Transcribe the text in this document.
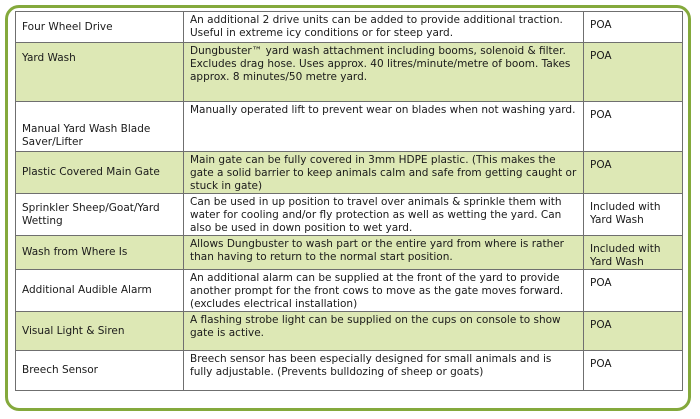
Four Wheel Drive	An additional 2 drive units can be added to provide additional traction. Useful in extreme icy conditions or for steep yard.	POA
Yard Wash	Dungbuster™ yard wash attachment including booms, solenoid & filter. Excludes drag hose. Uses approx. 40 litres/minute/metre of boom. Takes approx. 8 minutes/50 metre yard.	POA
Manual Yard Wash Blade Saver/Lifter	Manually operated lift to prevent wear on blades when not washing yard.	POA
Plastic Covered Main Gate	Main gate can be fully covered in 3mm HDPE plastic. (This makes the gate a solid barrier to keep animals calm and safe from getting caught or stuck in gate)	POA
Sprinkler Sheep/Goat/Yard Wetting	Can be used in up position to travel over animals & sprinkle them with water for cooling and/or fly protection as well as wetting the yard. Can also be used in down position to wet yard.	Included with Yard Wash
Wash from Where Is	Allows Dungbuster to wash part or the entire yard from where is rather than having to return to the normal start position.	Included with Yard Wash
Additional Audible Alarm	An additional alarm can be supplied at the front of the yard to provide another prompt for the front cows to move as the gate moves forward. (excludes electrical installation)	POA
Visual Light & Siren	A flashing strobe light can be supplied on the cups on console to show gate is active.	POA
Breech Sensor	Breech sensor has been especially designed for small animals and is fully adjustable. (Prevents bulldozing of sheep or goats)	POA
